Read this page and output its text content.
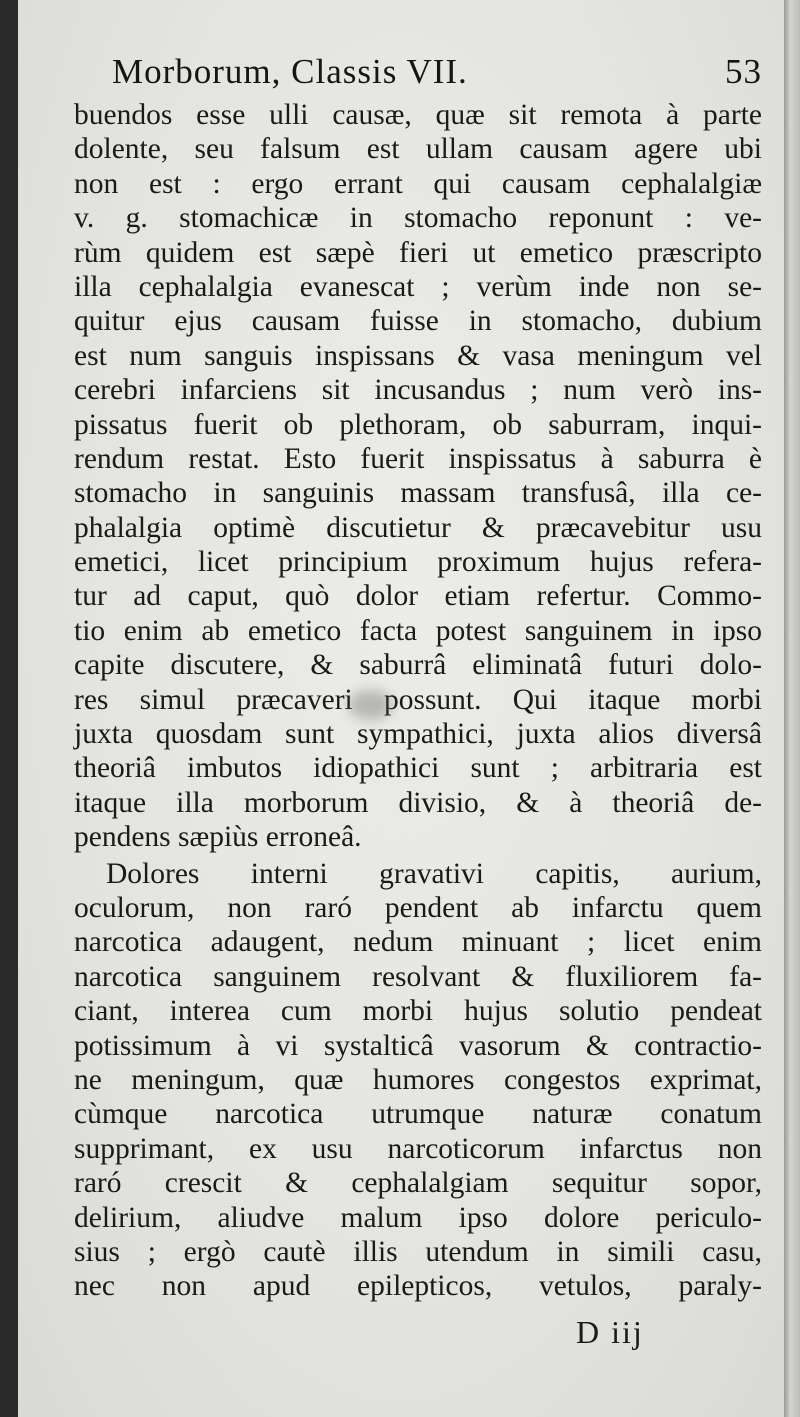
Morborum, Classis VII.	53
buendos esse ulli causæ, quæ sit remota à parte
dolente, seu falsum est ullam causam agere ubi
non est : ergo errant qui causam cephalalgiæ
v. g. stomachicæ in stomacho reponunt : ve-
rùm quidem est sæpè fieri ut emetico præscripto
illa cephalalgia evanescat ; verùm inde non se-
quitur ejus causam fuisse in stomacho, dubium
est num sanguis inspissans & vasa meningum vel
cerebri infarciens sit incusandus ; num verò ins-
pissatus fuerit ob plethoram, ob saburram, inqui-
rendum restat. Esto fuerit inspissatus à saburra è
stomacho in sanguinis massam transfusâ, illa ce-
phalalgia optimè discutietur & præcavebitur usu
emetici, licet principium proximum hujus refera-
tur ad caput, quò dolor etiam refertur. Commo-
tio enim ab emetico facta potest sanguinem in ipso
capite discutere, & saburrâ eliminatâ futuri dolo-
res simul præcaveri possunt. Qui itaque morbi
juxta quosdam sunt sympathici, juxta alios diversâ
theoriâ imbutos idiopathici sunt ; arbitraria est
itaque illa morborum divisio, & à theoriâ de-
pendens sæpiùs erroneâ.
Dolores interni gravativi capitis, aurium,
oculorum, non raró pendent ab infarctu quem
narcotica adaugent, nedum minuant ; licet enim
narcotica sanguinem resolvant & fluxiliorem fa-
ciant, interea cum morbi hujus solutio pendeat
potissimum à vi systalticâ vasorum & contractio-
ne meningum, quæ humores congestos exprimat,
cùmque narcotica utrumque naturæ conatum
supprimant, ex usu narcoticorum infarctus non
raró crescit & cephalalgiam sequitur sopor,
delirium, aliudve malum ipso dolore periculo-
sius ; ergò cautè illis utendum in simili casu,
nec non apud epilepticos, vetulos, paraly-
D iij
